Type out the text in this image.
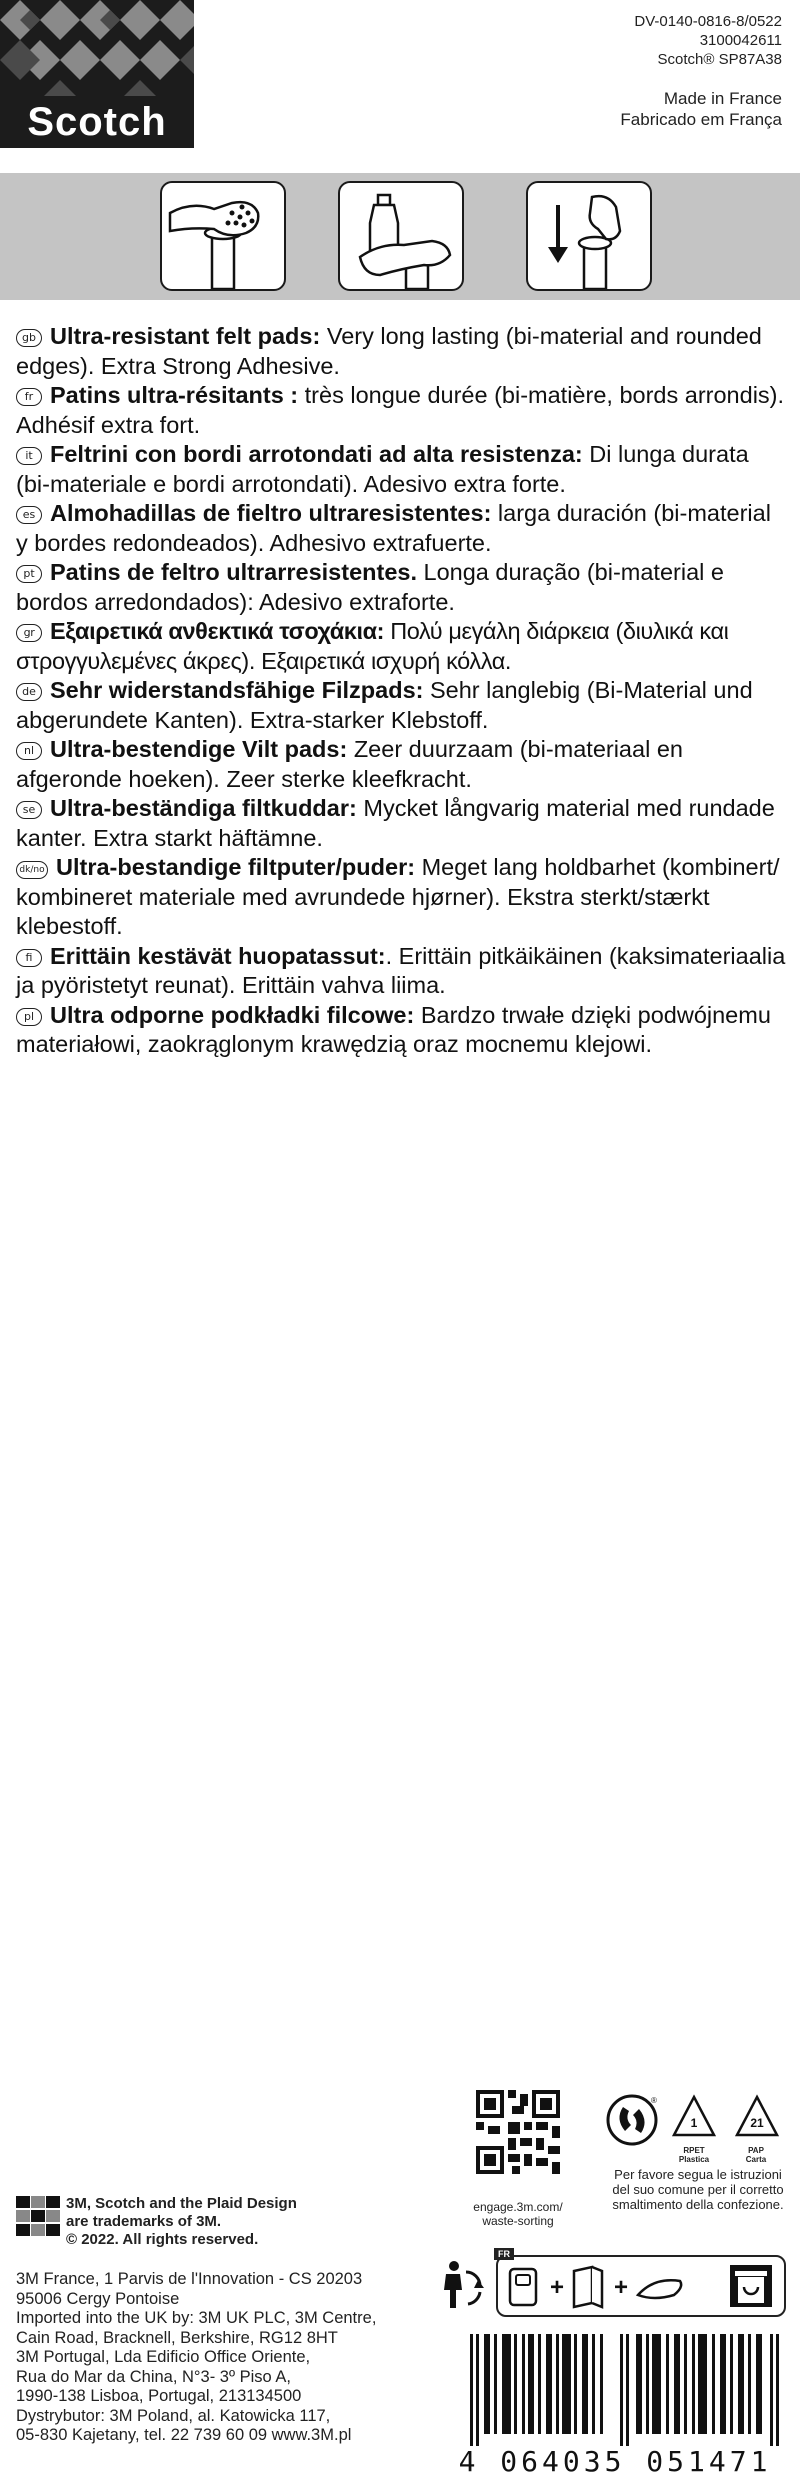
Scotch
DV-0140-0816-8/0522
3100042611
Scotch® SP87A38
Made in France
Fabricado em França

gb Ultra-resistant felt pads: Very long lasting (bi-material and rounded edges). Extra Strong Adhesive.

fr Patins ultra-résitants : très longue durée (bi-matière, bords arrondis). Adhésif extra fort.

it Feltrini con bordi arrotondati ad alta resistenza: Di lunga durata (bi-materiale e bordi arrotondati). Adesivo extra forte.

es Almohadillas de fieltro ultraresistentes: larga duración (bi-material y bordes redondeados). Adhesivo extrafuerte.

pt Patins de feltro ultrarresistentes. Longa duração (bi-material e bordos arredondados): Adesivo extraforte.

gr Εξαιρετικά ανθεκτικά τσοχάκια: Πολύ μεγάλη διάρκεια (διυλικά και στρογγυλεμένες άκρες). Εξαιρετικά ισχυρή κόλλα.

de Sehr widerstandsfähige Filzpads: Sehr langlebig (Bi-Material und abgerundete Kanten). Extra-starker Klebstoff.

nl Ultra-bestendige Vilt pads: Zeer duurzaam (bi-materiaal en afgeronde hoeken). Zeer sterke kleefkracht.

se Ultra-beständiga filtkuddar: Mycket långvarig material med rundade kanter. Extra starkt häftämne.

dk/no Ultra-bestandige filtputer/puder: Meget lang holdbarhet (kombinert/ kombineret materiale med avrundede hjørner). Ekstra sterkt/stærkt klebestoff.

fi Erittäin kestävät huopatassut:. Erittäin pitkäikäinen (kaksimateriaalia ja pyöristetyt reunat). Erittäin vahva liima.

pl Ultra odporne podkładki filcowe: Bardzo trwałe dzięki podwójnemu materiałowi, zaokrąglonym krawędzią oraz mocnemu klejowi.

3M, Scotch and the Plaid Design
are trademarks of 3M.
© 2022. All rights reserved.
3M France, 1 Parvis de l'Innovation - CS 20203
95006 Cergy Pontoise
Imported into the UK by: 3M UK PLC, 3M Centre,
Cain Road, Bracknell, Berkshire, RG12 8HT
3M Portugal, Lda Edificio Office Oriente,
Rua do Mar da China, N°3- 3º Piso A,
1990-138 Lisboa, Portugal, 213134500
Dystrybutor: 3M Poland, al. Katowicka 117,
05-830 Kajetany, tel. 22 739 60 09 www.3M.pl
engage.3m.com/
waste-sorting
®
1	21
RPET
Plastica
PAP
Carta
Per favore segua le istruzioni
del suo comune per il corretto
smaltimento della confezione.
FR
+ +
4 064035 051471
